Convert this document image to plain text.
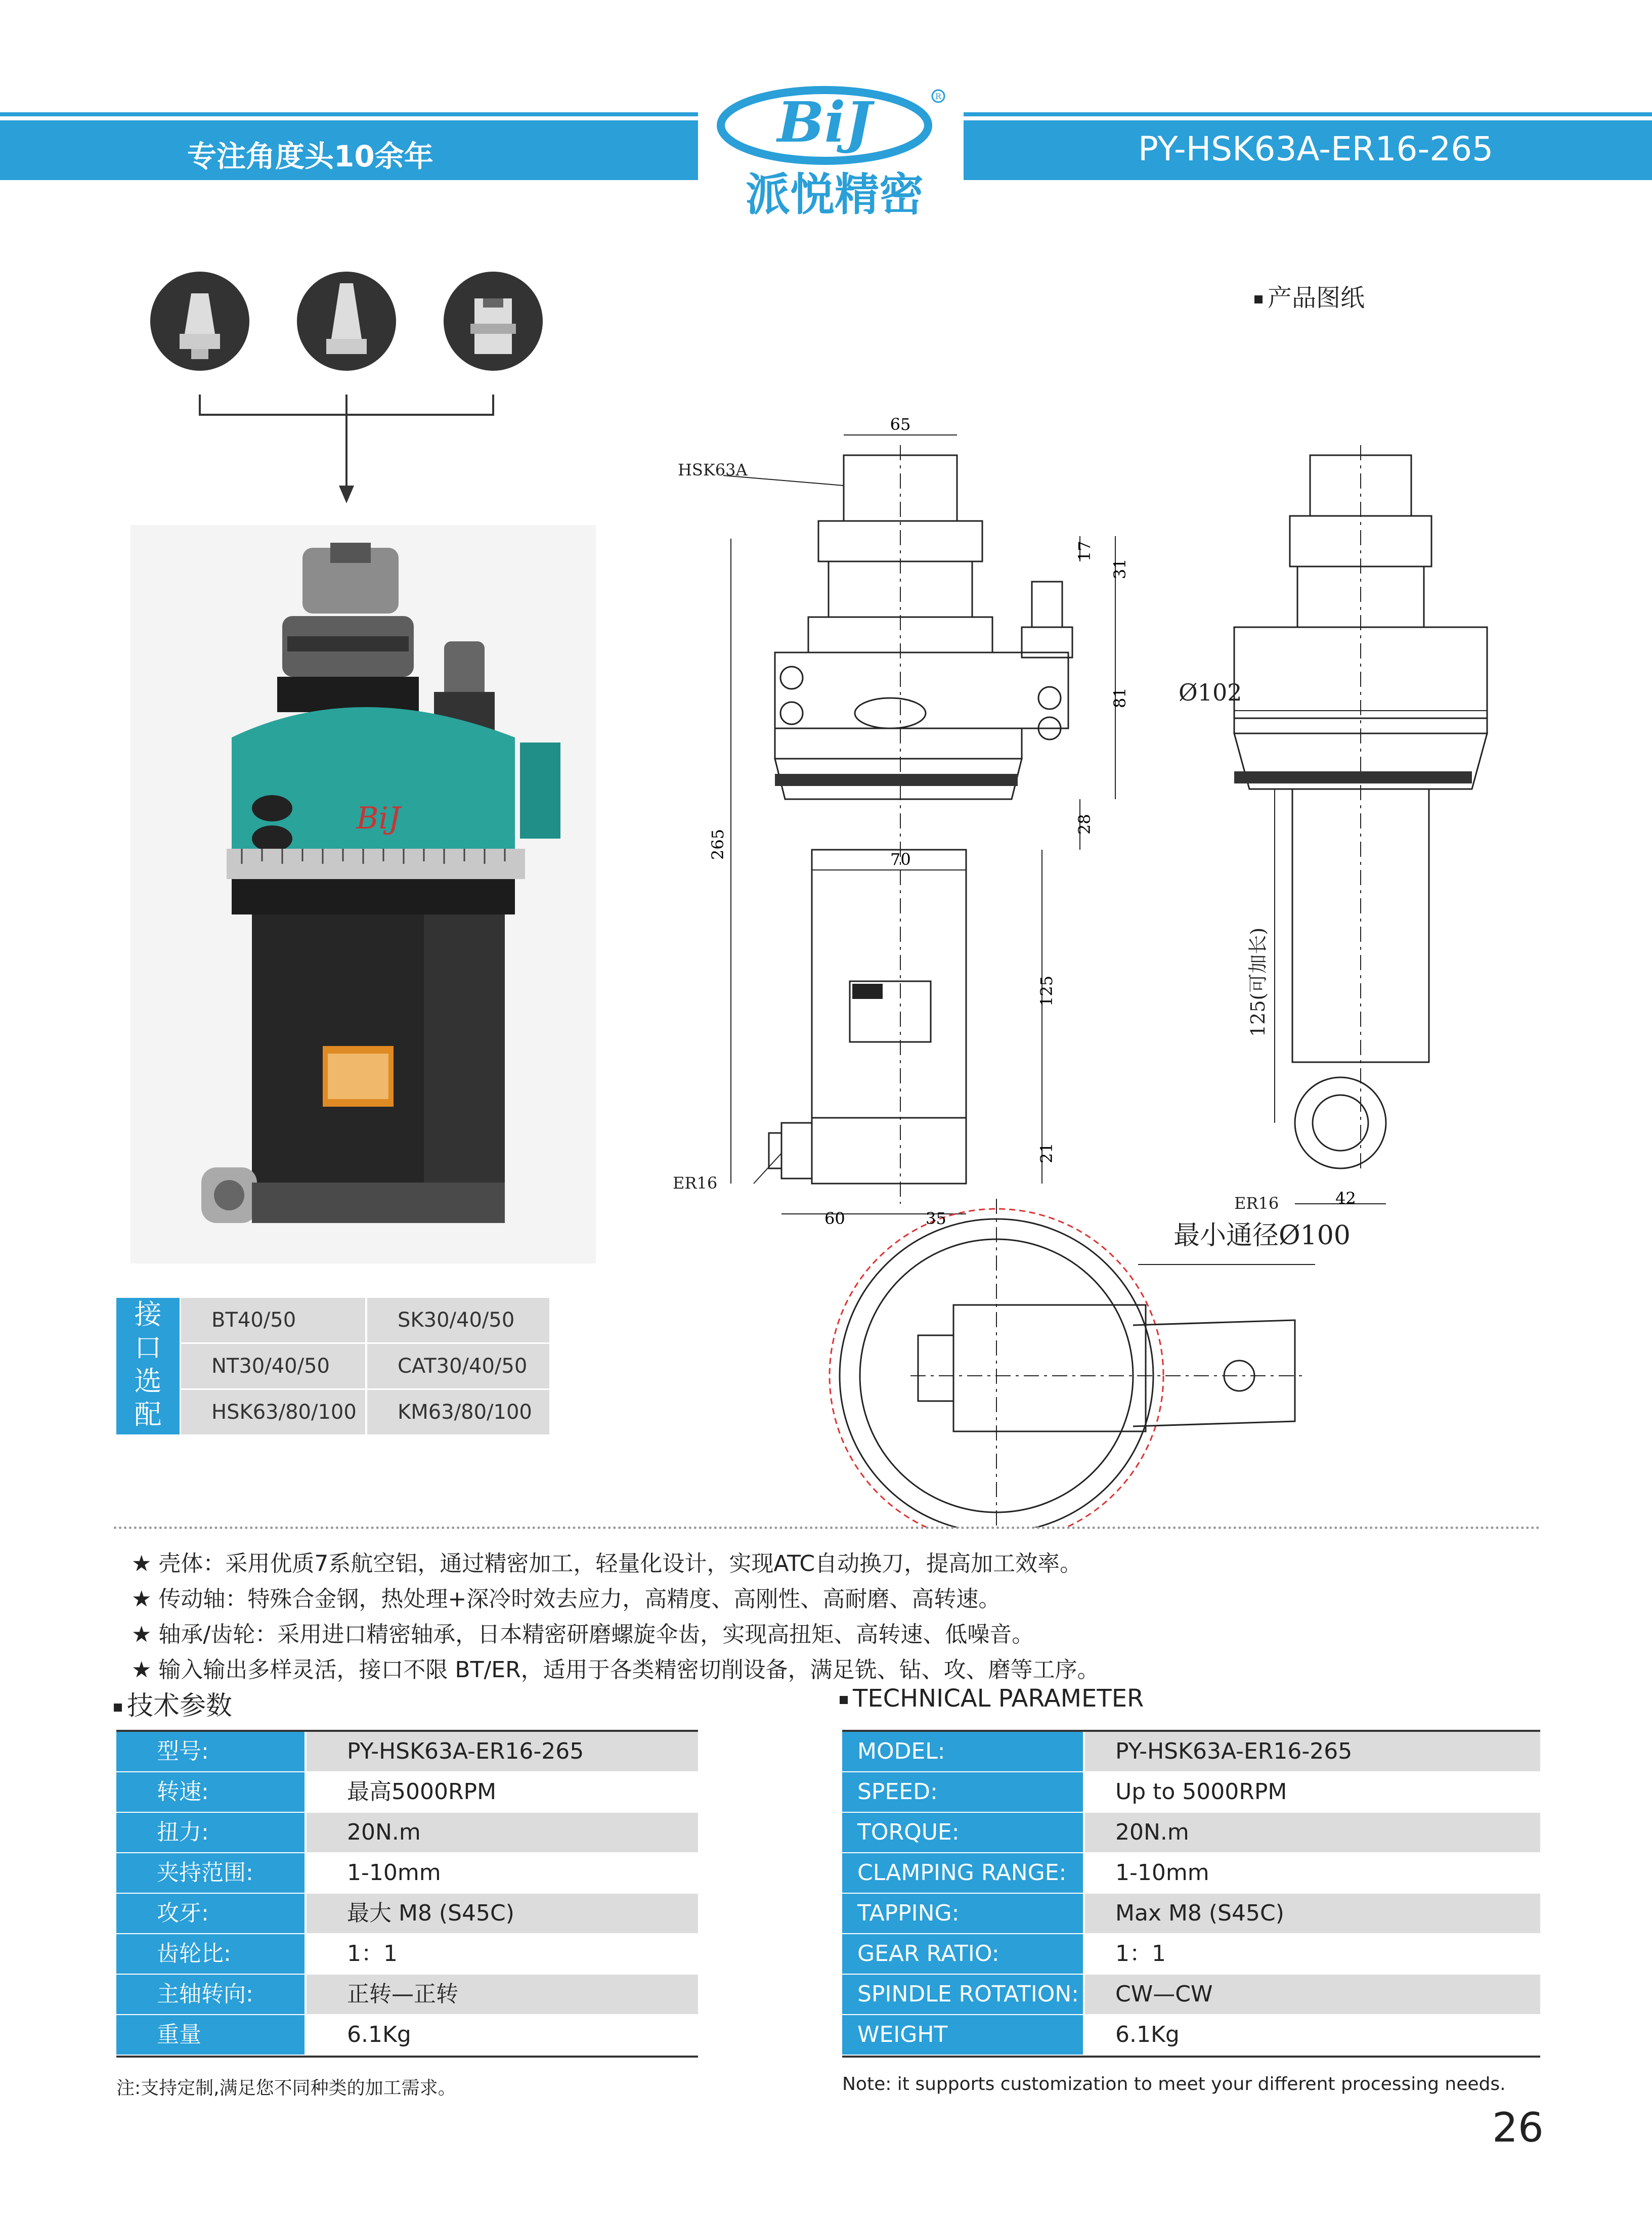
专注角度头10余年	PY-HSK63A-ER16-265
BiJ	R
派悦精密
BiJ
接
口
选
配
BT40/50	SK30/40/50
NT30/40/50	CAT30/40/50
HSK63/80/100	KM63/80/100
产品图纸
HSK63A
ER16
ER16
Ø102
最小通径Ø100
125(可加长)
65
17
31
81
28
265	70
125
21
60	35
42
★ 壳体：采用优质7系航空铝，通过精密加工，轻量化设计，实现ATC自动换刀，提高加工效率。
★ 传动轴：特殊合金钢，热处理+深冷时效去应力，高精度、高刚性、高耐磨、高转速。
★ 轴承/齿轮：采用进口精密轴承，日本精密研磨螺旋伞齿，实现高扭矩、高转速、低噪音。
★ 输入输出多样灵活，接口不限 BT/ER，适用于各类精密切削设备，满足铣、钻、攻、磨等工序。
技术参数
型号:	PY-HSK63A-ER16-265
转速:	最高5000RPM
扭力:	20N.m
夹持范围:	1-10mm
攻牙:	最大 M8 (S45C)
齿轮比:	1：1
主轴转向:	正转—正转
重量	6.1Kg
注:支持定制,满足您不同种类的加工需求。
TECHNICAL PARAMETER
MODEL:	PY-HSK63A-ER16-265
SPEED:	Up to 5000RPM
TORQUE:	20N.m
CLAMPING RANGE:	1-10mm
TAPPING:	Max M8 (S45C)
GEAR RATIO:	1：1
SPINDLE ROTATION:	CW—CW
WEIGHT	6.1Kg
Note: it supports customization to meet your different processing needs.
26
